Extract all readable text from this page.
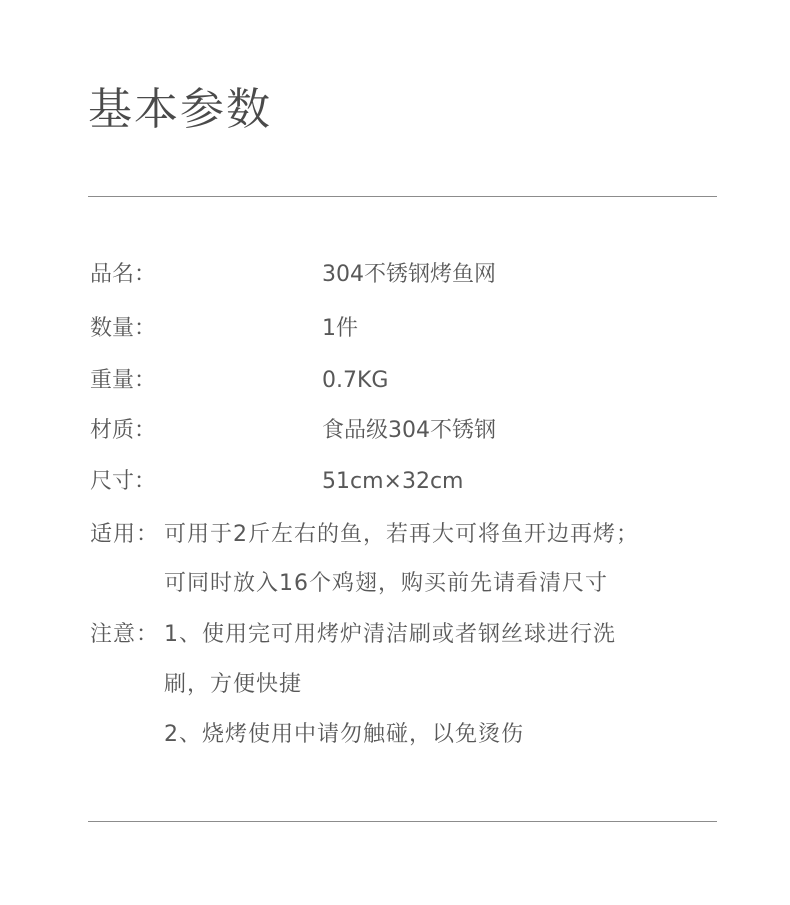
基本参数
品名：	304不锈钢烤鱼网
数量：	1件
重量：	0.7KG
材质：	食品级304不锈钢
尺寸：	51cm×32cm
适用： 可用于2斤左右的鱼，若再大可将鱼开边再烤；
可同时放入16个鸡翅，购买前先请看清尺寸
注意： 1、使用完可用烤炉清洁刷或者钢丝球进行洗
刷，方便快捷
2、烧烤使用中请勿触碰，以免烫伤
